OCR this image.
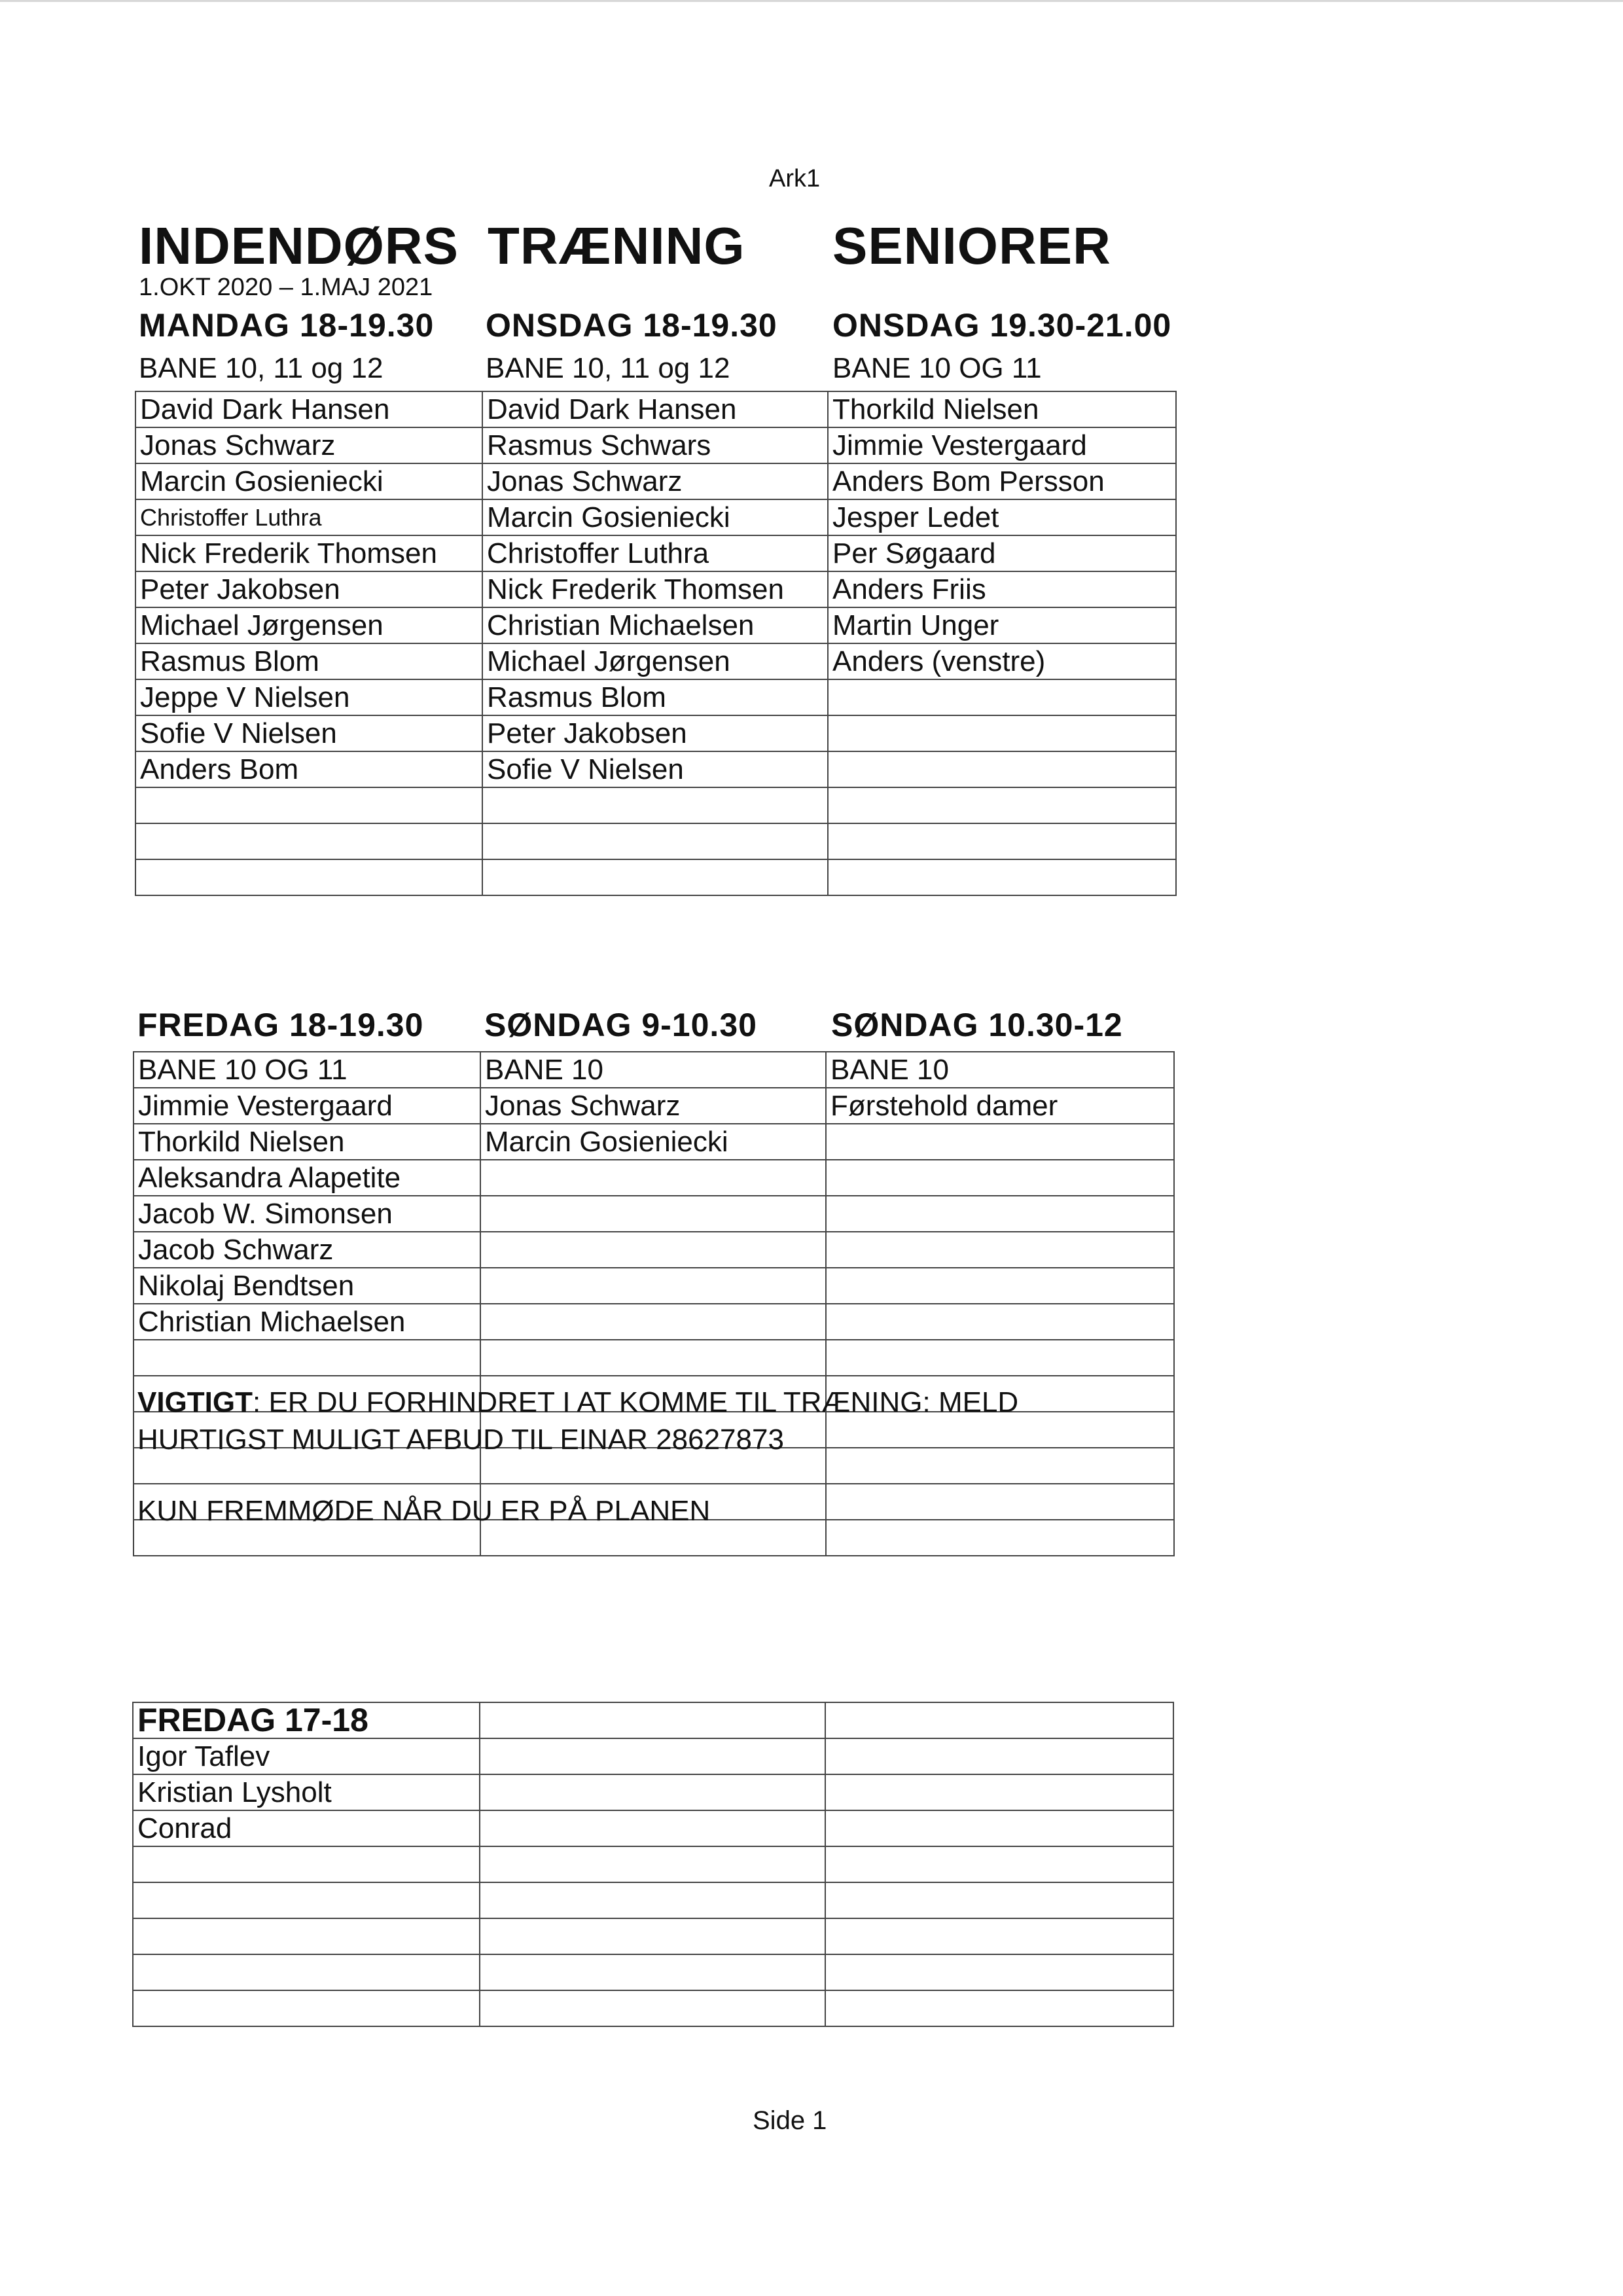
Ark1
INDENDØRS TRÆNING SENIORER
1.OKT 2020 – 1.MAJ 2021
MANDAG 18-19.30 ONSDAG 18-19.30 ONSDAG 19.30-21.00
BANE 10, 11 og 12	BANE 10, 11 og 12	BANE 10 OG 11
David Dark Hansen	David Dark Hansen	Thorkild Nielsen
Jonas Schwarz	Rasmus Schwars	Jimmie Vestergaard
Marcin Gosieniecki	Jonas Schwarz	Anders Bom Persson
Christoffer Luthra	Marcin Gosieniecki	Jesper Ledet
Nick Frederik Thomsen	Christoffer Luthra	Per Søgaard
Peter Jakobsen	Nick Frederik Thomsen	Anders Friis
Michael Jørgensen	Christian Michaelsen	Martin Unger
Rasmus Blom	Michael Jørgensen	Anders (venstre)
Jeppe V Nielsen	Rasmus Blom	
Sofie V Nielsen	Peter Jakobsen	
Anders Bom	Sofie V Nielsen	

FREDAG 18-19.30 SØNDAG 9-10.30 SØNDAG 10.30-12
BANE 10 OG 11	BANE 10	BANE 10
Jimmie Vestergaard	Jonas Schwarz	Førstehold damer
Thorkild Nielsen	Marcin Gosieniecki	
Aleksandra Alapetite		
Jacob W. Simonsen		
Jacob Schwarz		
Nikolaj Bendtsen		
Christian Michaelsen		

VIGTIGT: ER DU FORHINDRET I AT KOMME TIL TRÆNING: MELD
HURTIGST MULIGT AFBUD TIL EINAR 28627873
KUN FREMMØDE NÅR DU ER PÅ PLANEN
FREDAG 17-18		
Igor Taflev		
Kristian Lysholt		
Conrad		

Side 1
